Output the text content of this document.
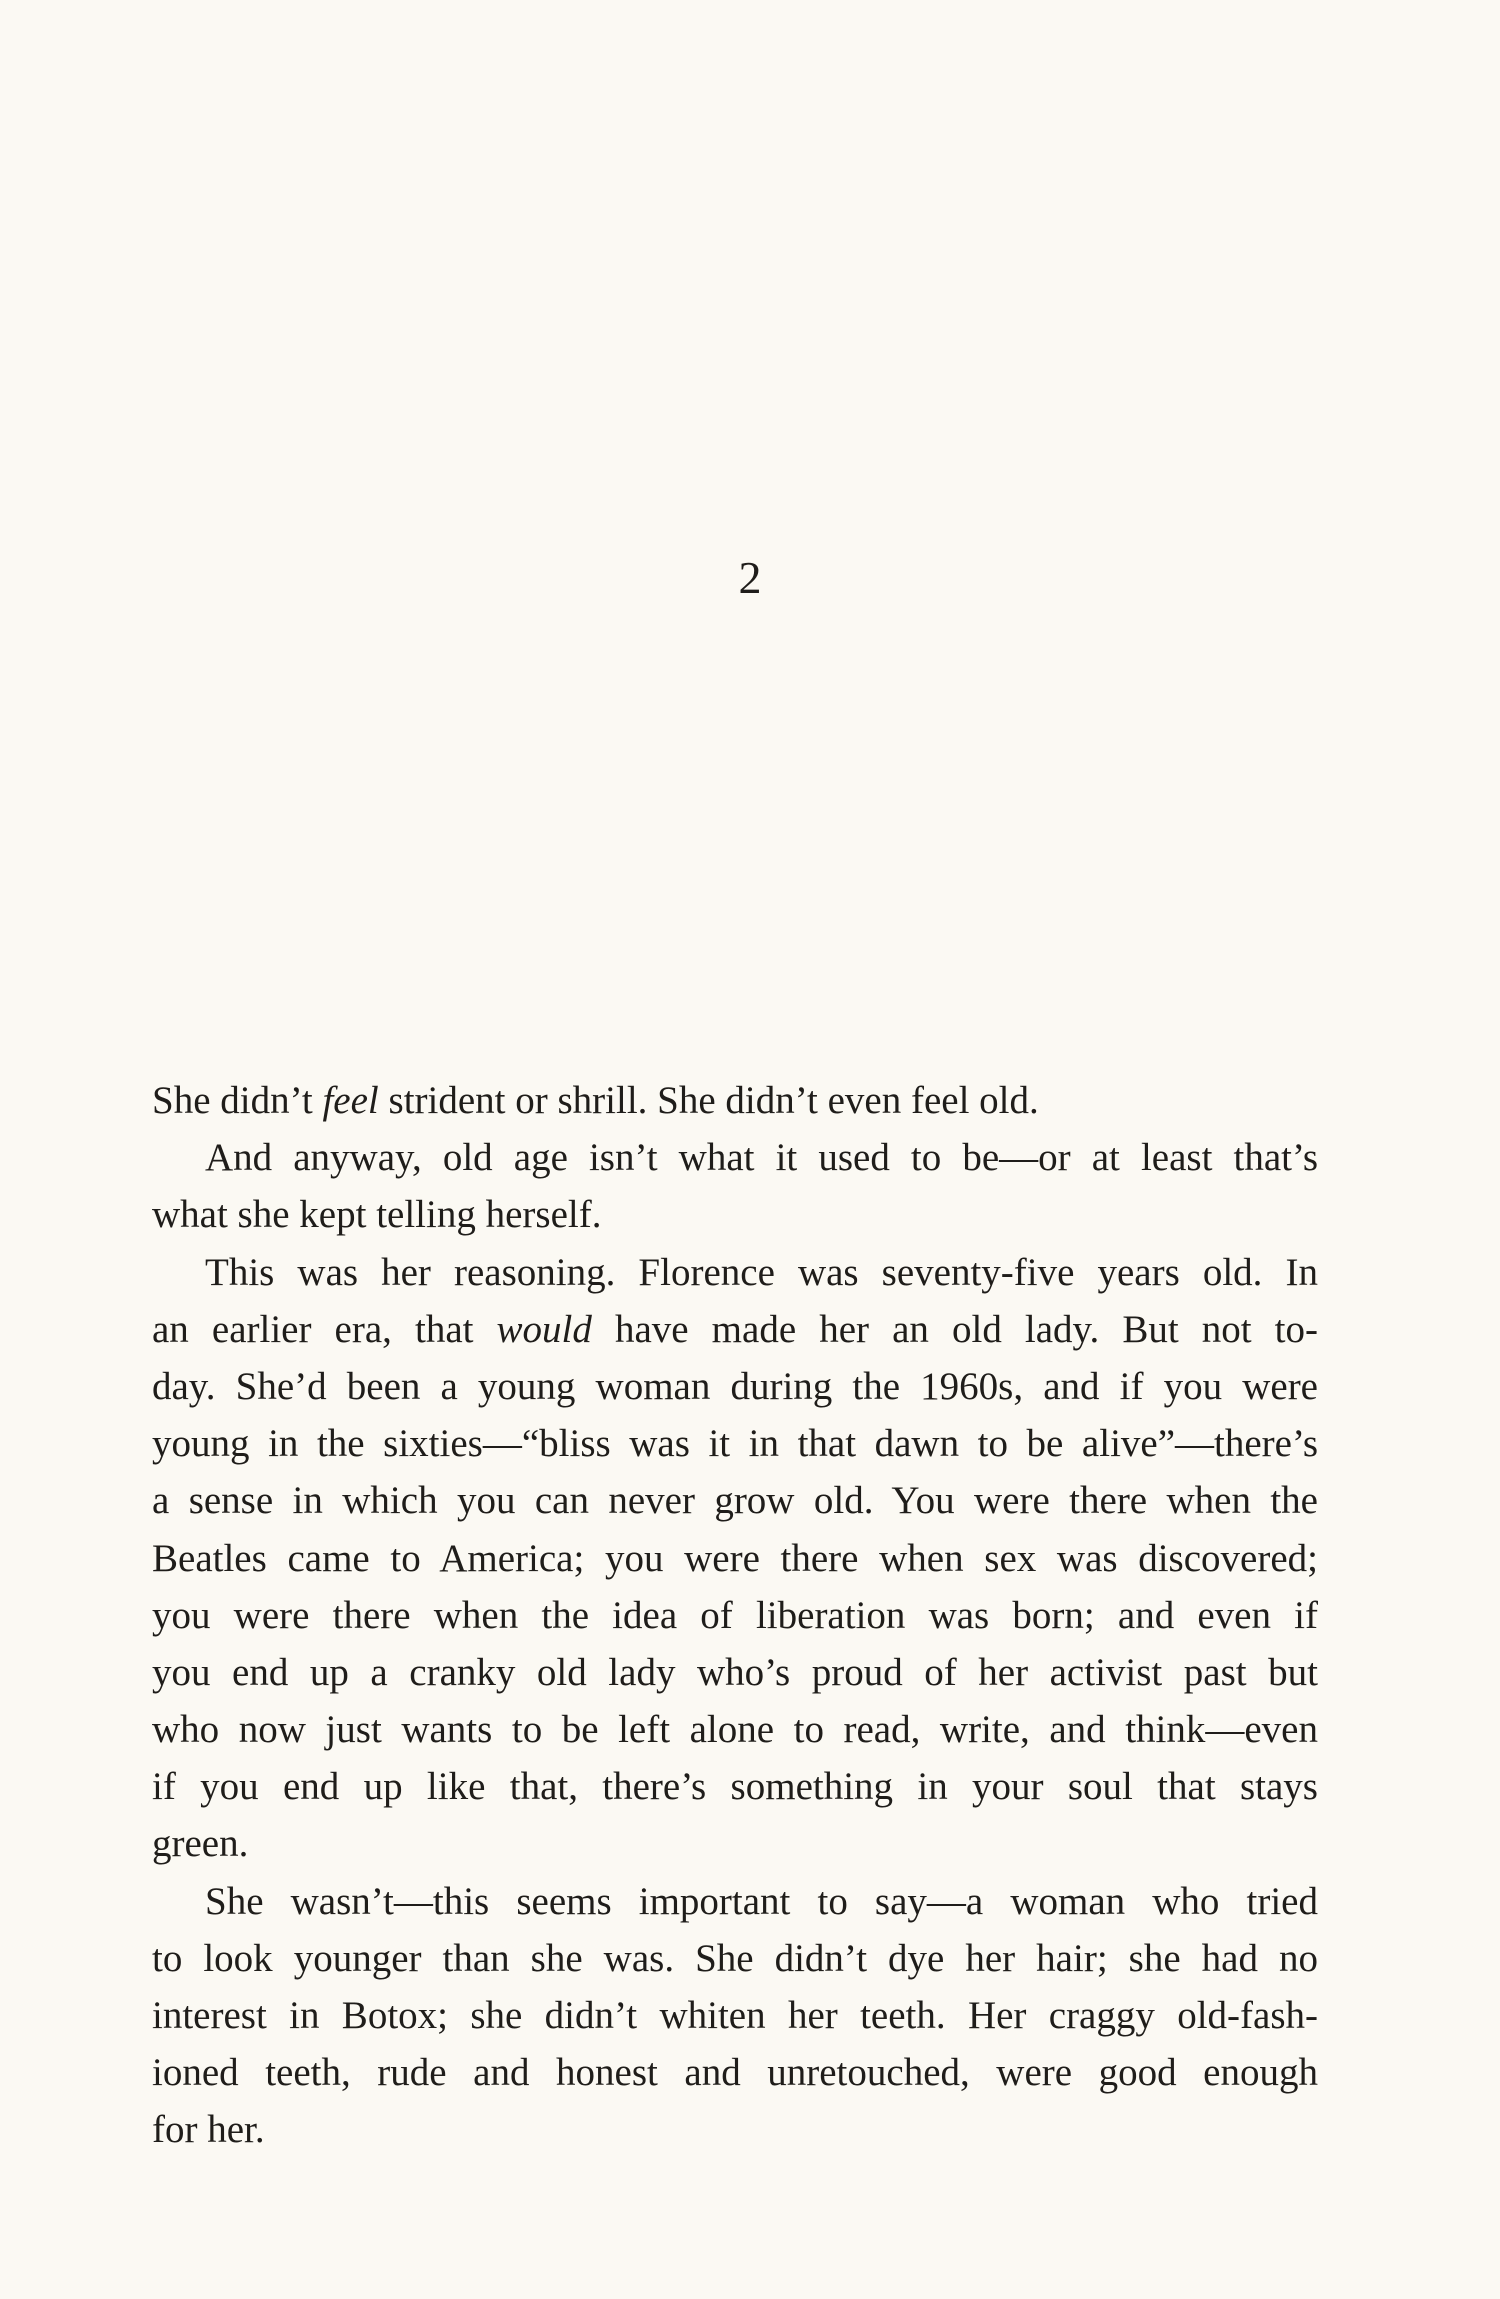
2
She didn’t feel strident or shrill. She didn’t even feel old.
And anyway, old age isn’t what it used to be—or at least that’s
what she kept telling herself.
This was her reasoning. Florence was seventy-five years old. In
an earlier era, that would have made her an old lady. But not to-
day. She’d been a young woman during the 1960s, and if you were
young in the sixties—“bliss was it in that dawn to be alive”—there’s
a sense in which you can never grow old. You were there when the
Beatles came to America; you were there when sex was discovered;
you were there when the idea of liberation was born; and even if
you end up a cranky old lady who’s proud of her activist past but
who now just wants to be left alone to read, write, and think—even
if you end up like that, there’s something in your soul that stays
green.
She wasn’t—this seems important to say—a woman who tried
to look younger than she was. She didn’t dye her hair; she had no
interest in Botox; she didn’t whiten her teeth. Her craggy old-fash-
ioned teeth, rude and honest and unretouched, were good enough
for her.
